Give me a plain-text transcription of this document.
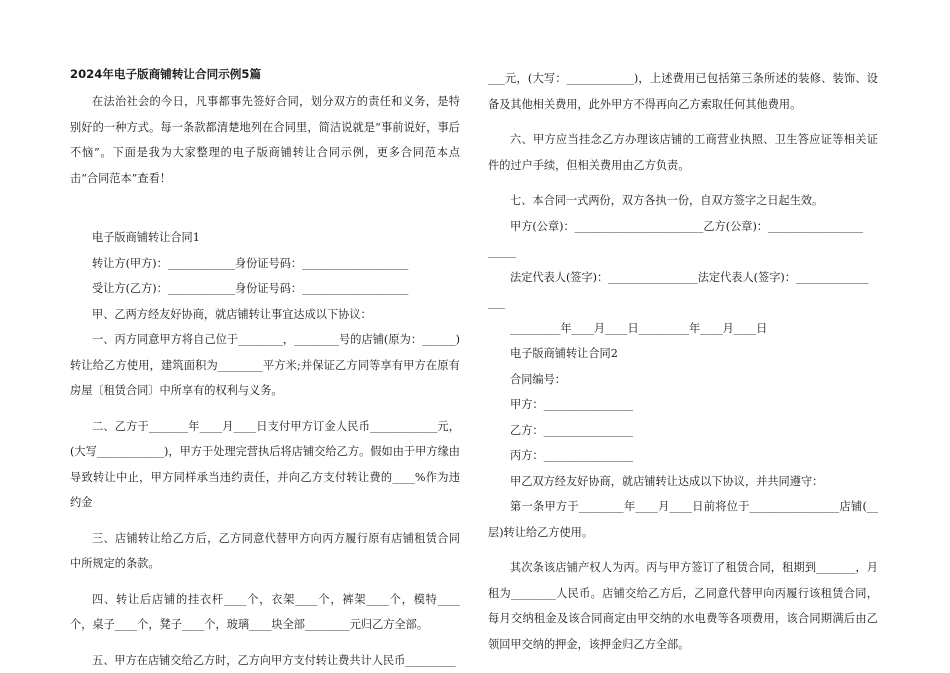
2024年电子版商铺转让合同示例5篇

在法治社会的今日，凡事都事先签好合同，划分双方的责任和义务，是特别好的一种方式。每一条款都清楚地列在合同里，简洁说就是“事前说好，事后不恼”。下面是我为大家整理的电子版商铺转让合同示例，更多合同范本点击“合同范本”查看！

电子版商铺转让合同1

转让方(甲方)：____________身份证号码：___________________

受让方(乙方)：____________身份证号码：___________________

甲、乙两方经友好协商，就店铺转让事宜达成以下协议：

一、丙方同意甲方将自己位于________，________号的店铺(原为：______)转让给乙方使用，建筑面积为________平方米;并保证乙方同等享有甲方在原有房屋〔租赁合同〕中所享有的权利与义务。

二、乙方于_______年____月____日支付甲方订金人民币____________元，(大写____________)，甲方于处理完营执后将店铺交给乙方。假如由于甲方缘由导致转让中止，甲方同样承当违约责任，并向乙方支付转让费的____%作为违约金

三、店铺转让给乙方后，乙方同意代替甲方向丙方履行原有店铺租赁合同中所规定的条款。

四、转让后店铺的挂衣杆____个，衣架____个，裤架____个，模特____个，桌子____个，凳子____个，玻璃____块全部________元归乙方全部。

五、甲方在店铺交给乙方时，乙方向甲方支付转让费共计人民币_________

___元，(大写：____________)，上述费用已包括第三条所述的装修、装饰、设备及其他相关费用，此外甲方不得再向乙方索取任何其他费用。

六、甲方应当挂念乙方办理该店铺的工商营业执照、卫生答应证等相关证件的过户手续，但相关费用由乙方负责。

七、本合同一式两份，双方各执一份，自双方签字之日起生效。

甲方(公章)：_______________________乙方(公章)：_________________

_____

法定代表人(签字)：________________法定代表人(签字)：_____________

___

_________年____月____日_________年____月____日

电子版商铺转让合同2

合同编号：

甲方：________________

乙方：________________

丙方：________________

甲乙双方经友好协商，就店铺转让达成以下协议，并共同遵守：

第一条甲方于________年____月____日前将位于________________店铺(__层)转让给乙方使用。

其次条该店铺产权人为丙。丙与甲方签订了租赁合同，租期到_______，月租为________人民币。店铺交给乙方后，乙同意代替甲向丙履行该租赁合同，每月交纳租金及该合同商定由甲交纳的水电费等各项费用，该合同期满后由乙领回甲交纳的押金，该押金归乙方全部。
